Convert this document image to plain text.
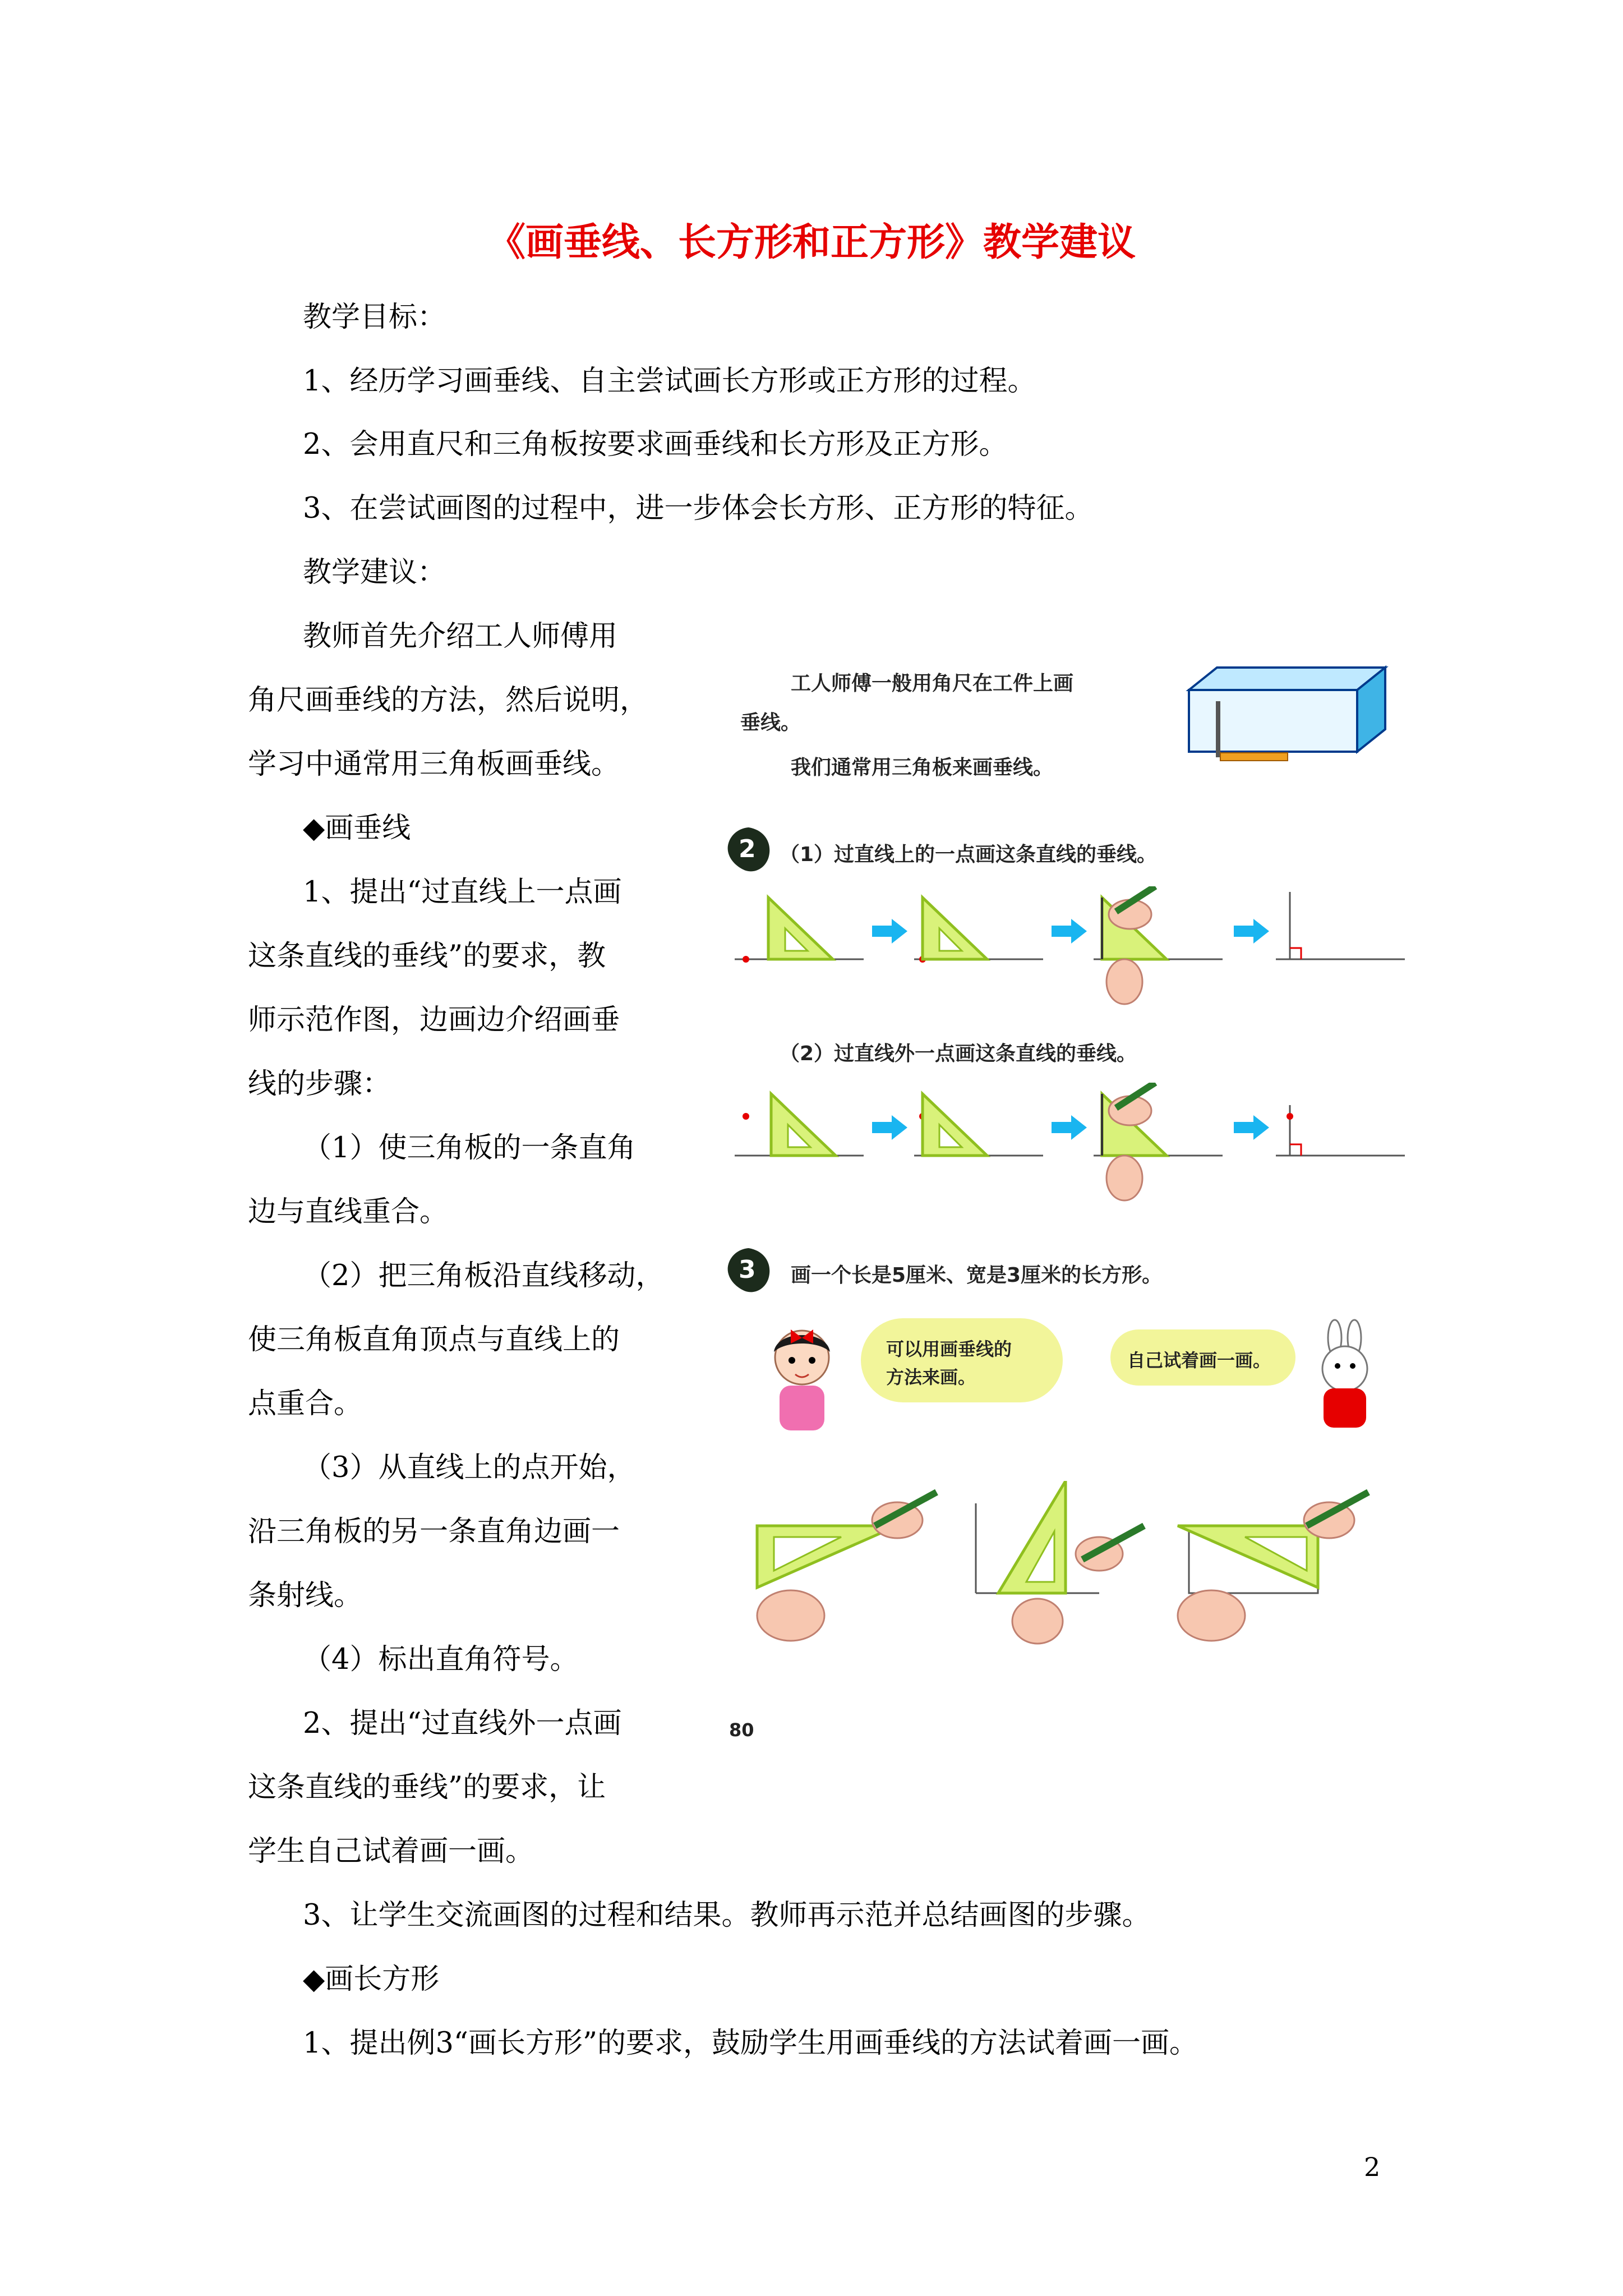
《画垂线、长方形和正方形》教学建议
教学目标：
1、经历学习画垂线、自主尝试画长方形或正方形的过程。
2、会用直尺和三角板按要求画垂线和长方形及正方形。
3、在尝试画图的过程中，进一步体会长方形、正方形的特征。
教学建议：
教师首先介绍工人师傅用
角尺画垂线的方法，然后说明，
学习中通常用三角板画垂线。
◆画垂线
1、提出“过直线上一点画
这条直线的垂线”的要求，教
师示范作图，边画边介绍画垂
线的步骤：
（1）使三角板的一条直角
边与直线重合。
（2）把三角板沿直线移动，
使三角板直角顶点与直线上的
点重合。
（3）从直线上的点开始，
沿三角板的另一条直角边画一
条射线。
（4）标出直角符号。
2、提出“过直线外一点画
这条直线的垂线”的要求，让
学生自己试着画一画。
3、让学生交流画图的过程和结果。教师再示范并总结画图的步骤。
◆画长方形
1、提出例3“画长方形”的要求，鼓励学生用画垂线的方法试着画一画。
2
工人师傅一般用角尺在工件上画
垂线。
我们通常用三角板来画垂线。
2 （1）过直线上的一点画这条直线的垂线。
（2）过直线外一点画这条直线的垂线。
3 画一个长是5厘米、宽是3厘米的长方形。
可以用画垂线的
方法来画。
自己试着画一画。
80
